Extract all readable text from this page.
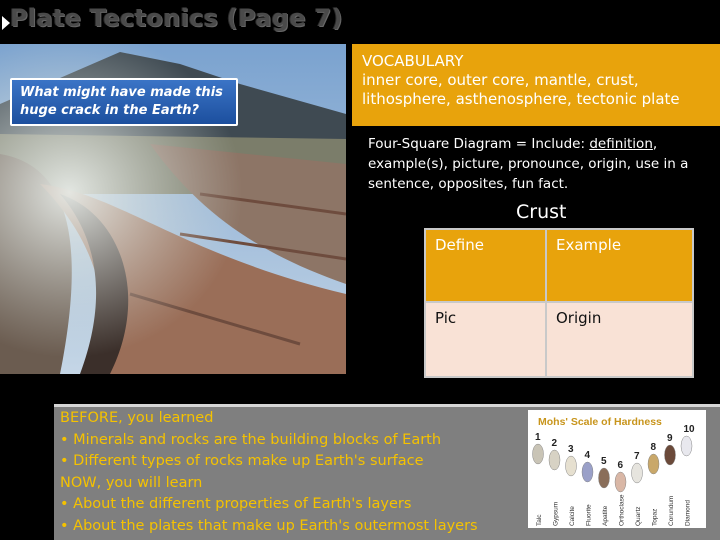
Plate Tectonics (Page 7)
What might have made this huge crack in the Earth?
VOCABULARY
inner core, outer core, mantle, crust, lithosphere, asthenosphere, tectonic plate
Four-Square Diagram = Include: definition, example(s), picture, pronounce, origin, use in a sentence, opposites, fun fact.
Crust
Define	Example
Pic	Origin
BEFORE, you learned
• Minerals and rocks are the building blocks of Earth
• Different types of rocks make up Earth's surface
NOW, you will learn
• About the different properties of Earth's layers
• About the plates that make up Earth's outermost layers
Mohs' Scale of Hardness
1
Talc
2
Gypsum
3
Calcite
4
Fluorite
5
Apatite
6
Orthoclase
7
Quartz
8
Topaz
9
Corundum
10
Diamond
